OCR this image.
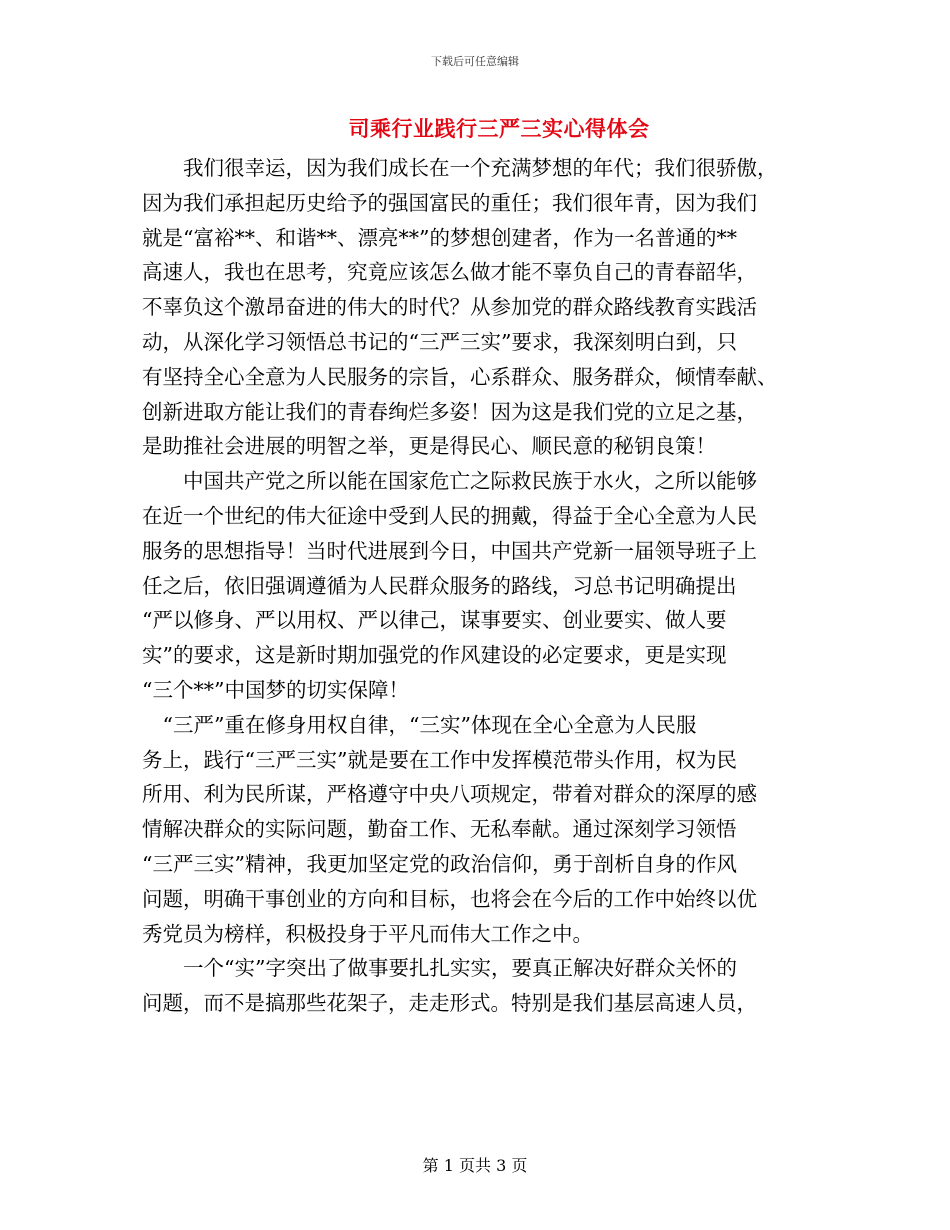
下载后可任意编辑
司乘行业践行三严三实心得体会
　　我们很幸运，因为我们成长在一个充满梦想的年代；我们很骄傲，
因为我们承担起历史给予的强国富民的重任；我们很年青，因为我们
就是“富裕**、和谐**、漂亮**”的梦想创建者，作为一名普通的**
高速人，我也在思考，究竟应该怎么做才能不辜负自己的青春韶华，
不辜负这个激昂奋进的伟大的时代？从参加党的群众路线教育实践活
动，从深化学习领悟总书记的“三严三实”要求，我深刻明白到，只
有坚持全心全意为人民服务的宗旨，心系群众、服务群众，倾情奉献、
创新进取方能让我们的青春绚烂多姿！因为这是我们党的立足之基，
是助推社会进展的明智之举，更是得民心、顺民意的秘钥良策！
　　中国共产党之所以能在国家危亡之际救民族于水火，之所以能够
在近一个世纪的伟大征途中受到人民的拥戴，得益于全心全意为人民
服务的思想指导！当时代进展到今日，中国共产党新一届领导班子上
任之后，依旧强调遵循为人民群众服务的路线，习总书记明确提出
“严以修身、严以用权、严以律己，谋事要实、创业要实、做人要
实”的要求，这是新时期加强党的作风建设的必定要求，更是实现
“三个**”中国梦的切实保障！
　“三严”重在修身用权自律，“三实”体现在全心全意为人民服
务上，践行“三严三实”就是要在工作中发挥模范带头作用，权为民
所用、利为民所谋，严格遵守中央八项规定，带着对群众的深厚的感
情解决群众的实际问题，勤奋工作、无私奉献。通过深刻学习领悟
“三严三实”精神，我更加坚定党的政治信仰，勇于剖析自身的作风
问题，明确干事创业的方向和目标，也将会在今后的工作中始终以优
秀党员为榜样，积极投身于平凡而伟大工作之中。
　　一个“实”字突出了做事要扎扎实实，要真正解决好群众关怀的
问题，而不是搞那些花架子，走走形式。特别是我们基层高速人员，
第 1 页共 3 页
